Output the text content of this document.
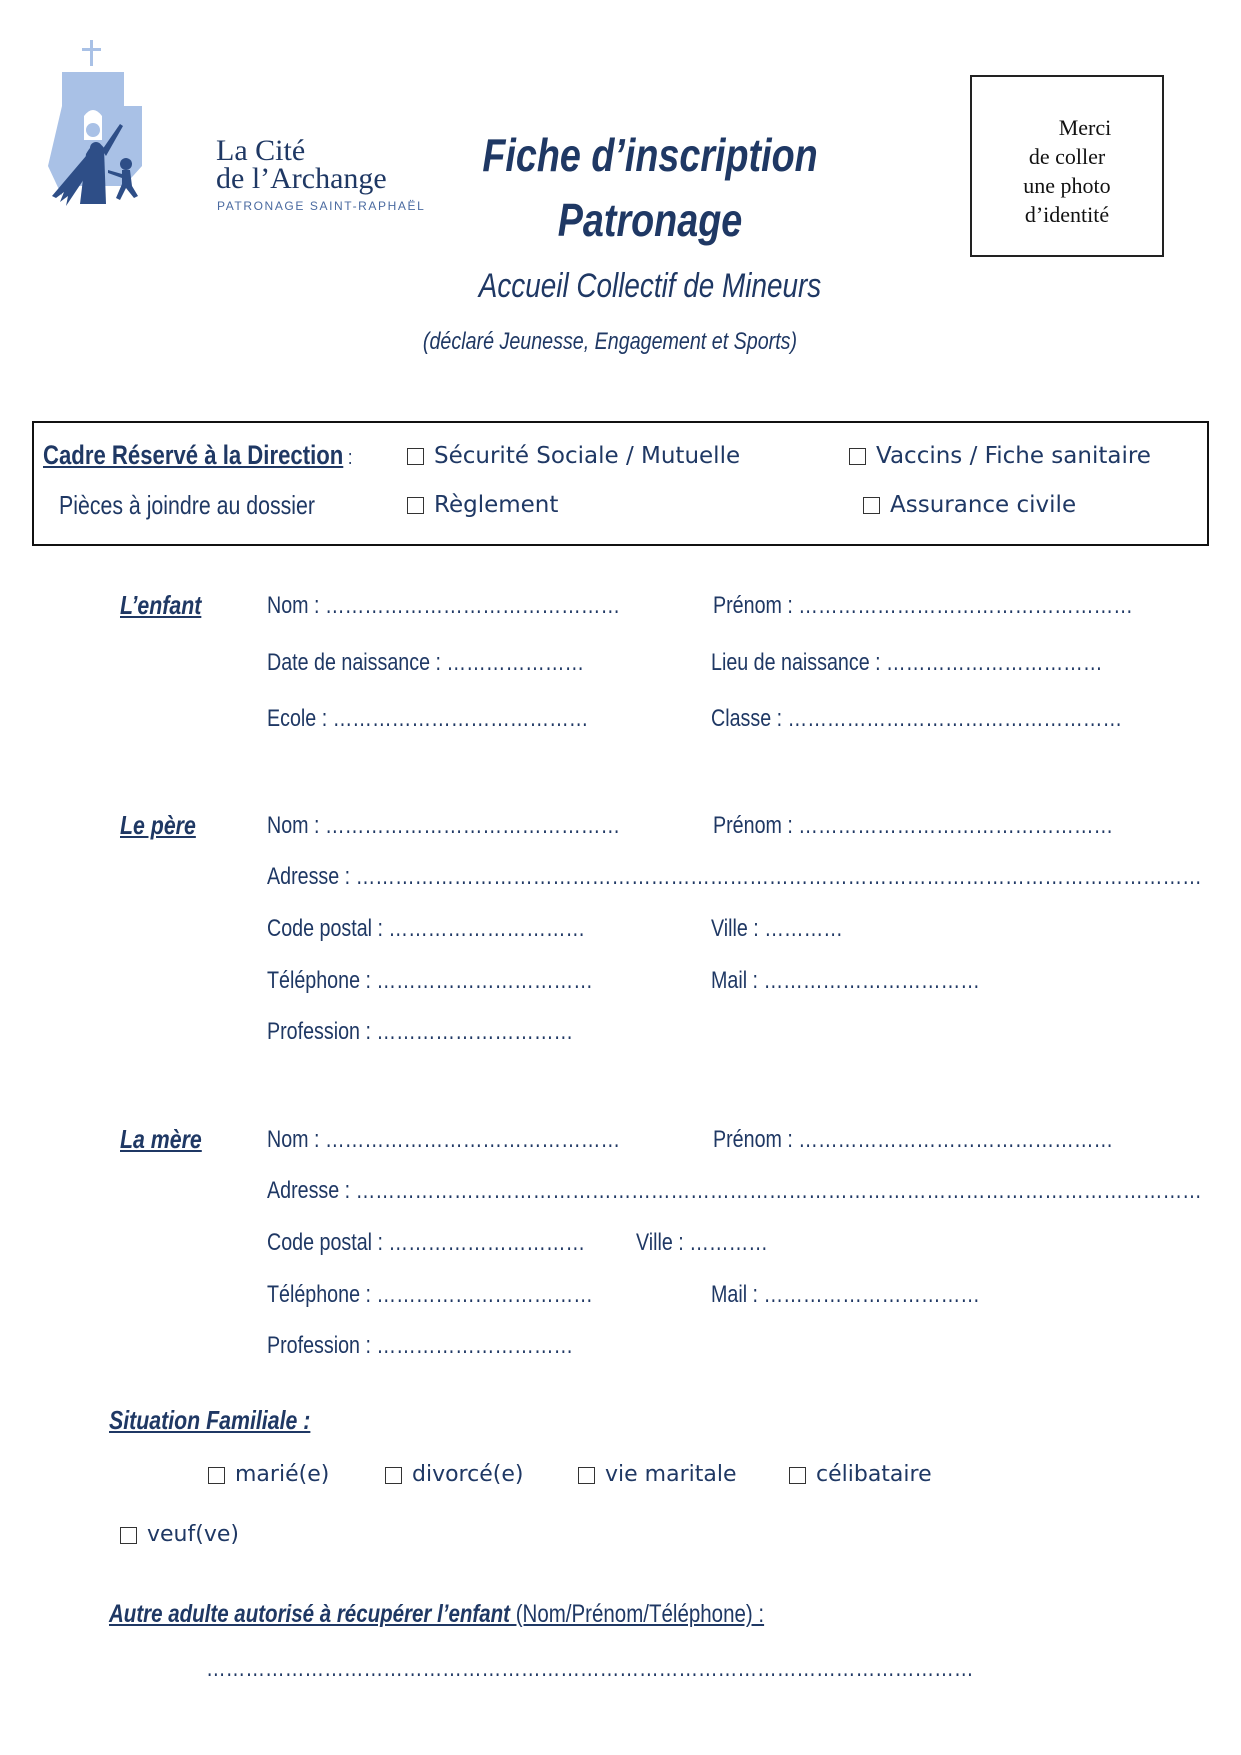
La Cité
de l’Archange
PATRONAGE SAINT-RAPHAËL
Fiche d’inscription
Patronage
Accueil Collectif de Mineurs
(déclaré Jeunesse, Engagement et Sports)
Merci
de coller
une photo
d’identité
Cadre Réservé à la Direction :
Pièces à joindre au dossier
Sécurité Sociale / Mutuelle	Vaccins / Fiche sanitaire
Règlement	Assurance civile
L’enfant	Nom : ………………………………………	Prénom : ……………………………………………
Date de naissance : …………………	Lieu de naissance : ……………………………
Ecole : …………………………………	Classe : ……………………………………………
Le père	Nom : ………………………………………	Prénom : …………………………………………
Adresse : …………………………………………………………………………………………………………………
Code postal : …………………………	Ville : …………
Téléphone : ……………………………	Mail : ……………………………
Profession : …………………………
La mère	Nom : ………………………………………	Prénom : …………………………………………
Adresse : …………………………………………………………………………………………………………………
Code postal : ………………………… Ville : …………
Téléphone : ……………………………	Mail : ……………………………
Profession : …………………………
Situation Familiale :
marié(e)	divorcé(e)	vie maritale	célibataire
veuf(ve)
Autre adulte autorisé à récupérer l’enfant (Nom/Prénom/Téléphone) :
………………………………………………………………………………………………………
